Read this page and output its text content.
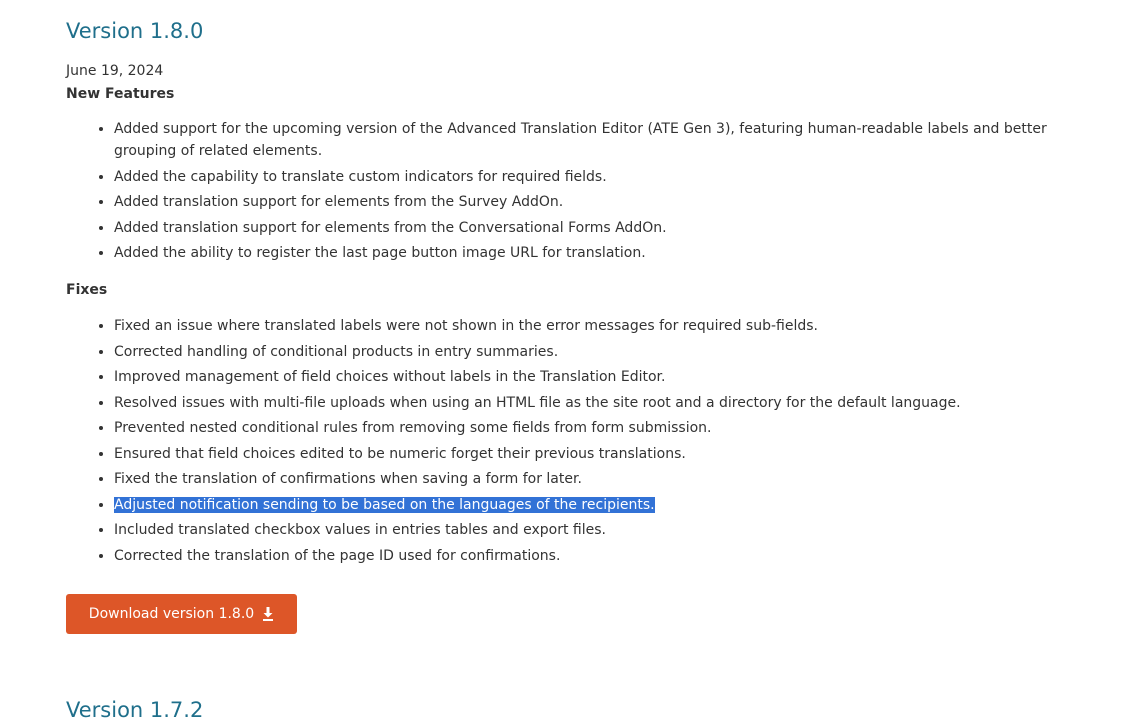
Version 1.8.0
June 19, 2024
New Features
• Added support for the upcoming version of the Advanced Translation Editor (ATE Gen 3), featuring human-readable labels and better grouping of related elements.
• Added the capability to translate custom indicators for required fields.
• Added translation support for elements from the Survey AddOn.
• Added translation support for elements from the Conversational Forms AddOn.
• Added the ability to register the last page button image URL for translation.
Fixes
• Fixed an issue where translated labels were not shown in the error messages for required sub-fields.
• Corrected handling of conditional products in entry summaries.
• Improved management of field choices without labels in the Translation Editor.
• Resolved issues with multi-file uploads when using an HTML file as the site root and a directory for the default language.
• Prevented nested conditional rules from removing some fields from form submission.
• Ensured that field choices edited to be numeric forget their previous translations.
• Fixed the translation of confirmations when saving a form for later.
• Adjusted notification sending to be based on the languages of the recipients.
• Included translated checkbox values in entries tables and export files.
• Corrected the translation of the page ID used for confirmations.
Download version 1.8.0
Version 1.7.2
